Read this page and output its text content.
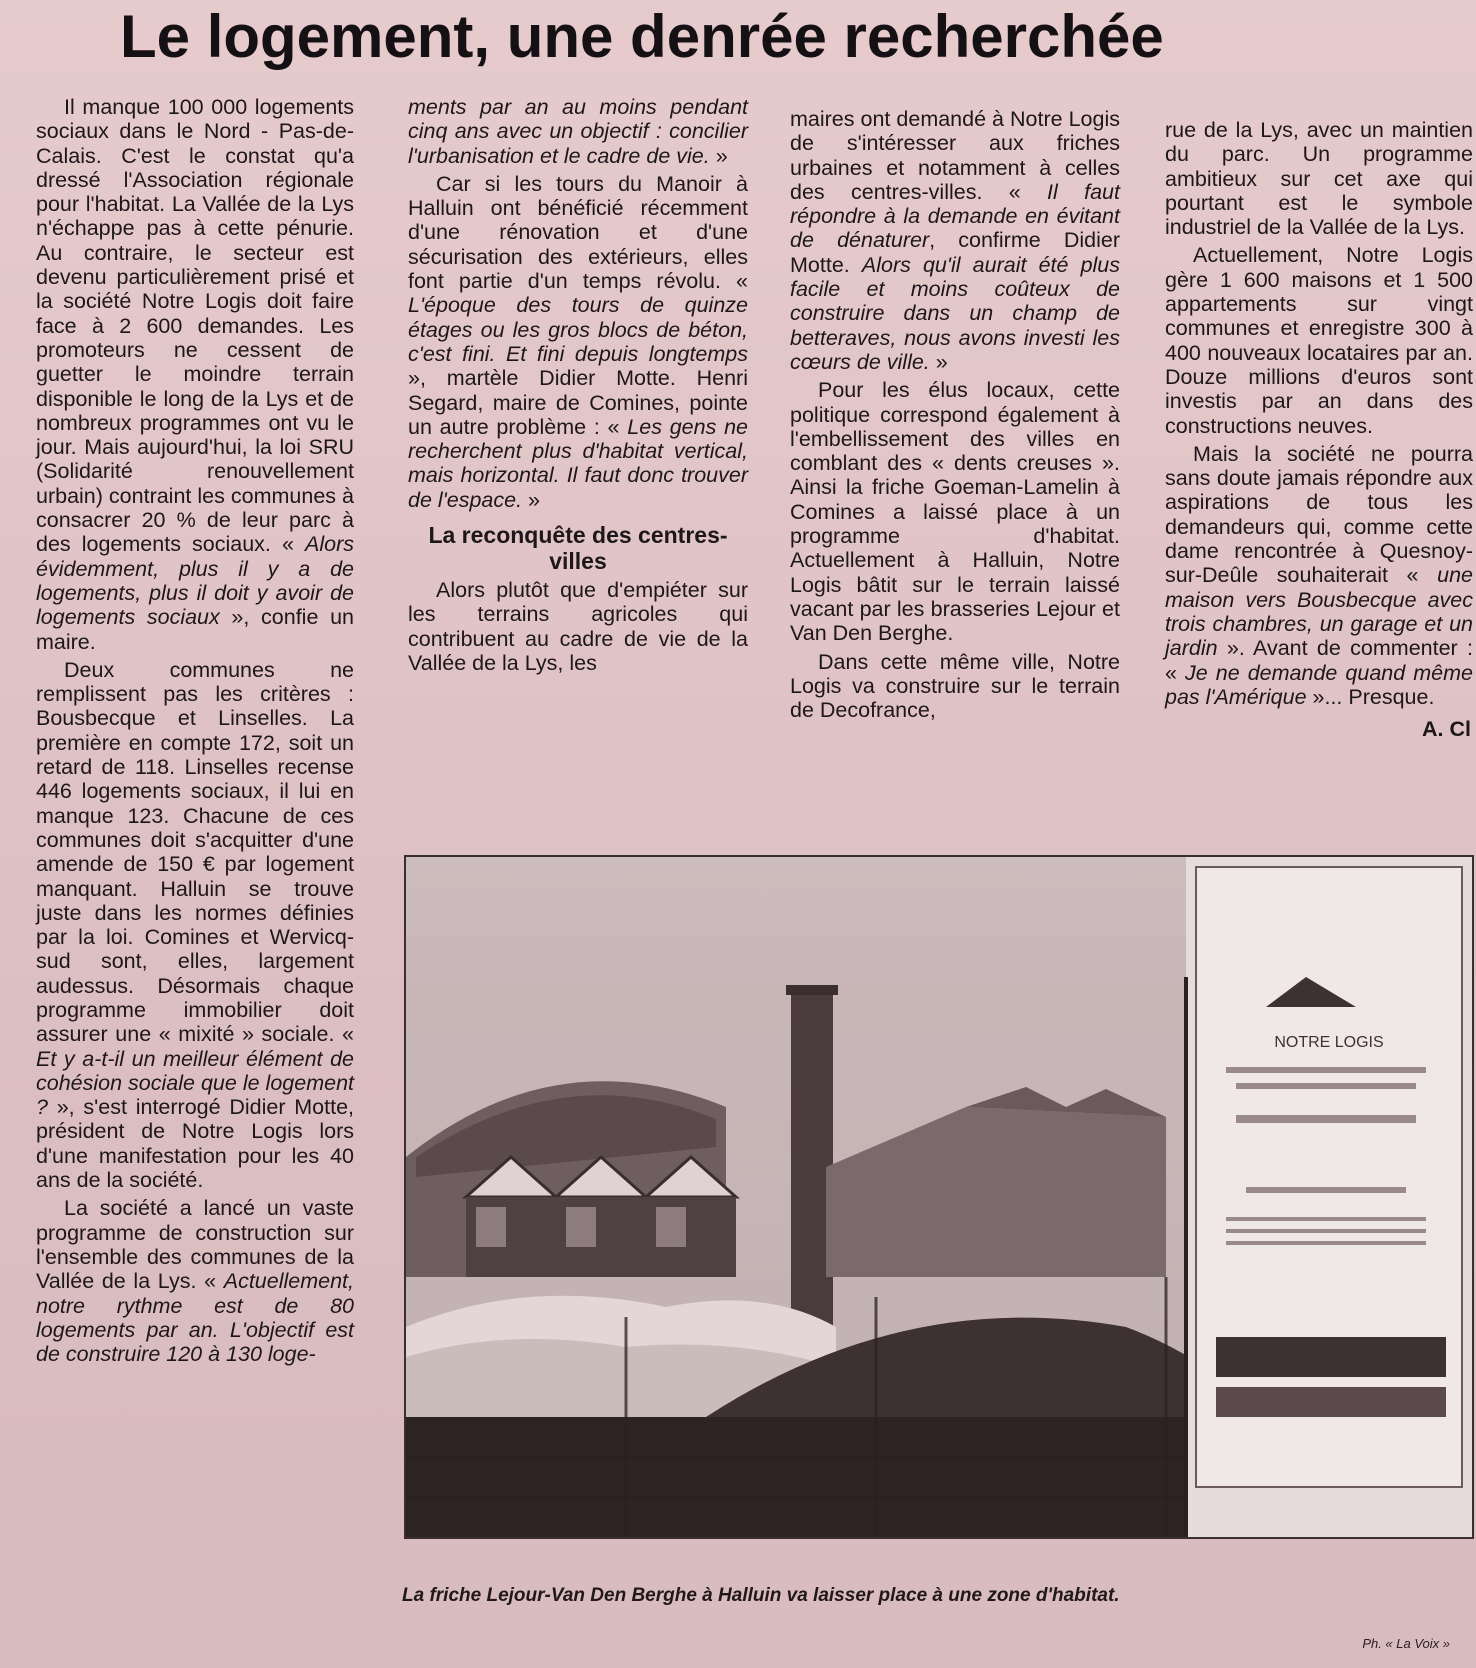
Le logement, une denrée recherchée

Il manque 100 000 logements sociaux dans le Nord - Pas-de-Calais. C'est le constat qu'a dressé l'Association régionale pour l'habitat. La Vallée de la Lys n'échappe pas à cette pénurie. Au contraire, le secteur est devenu particulièrement prisé et la société Notre Logis doit faire face à 2 600 demandes. Les promoteurs ne cessent de guetter le moindre terrain disponible le long de la Lys et de nombreux programmes ont vu le jour. Mais aujourd'hui, la loi SRU (Solidarité renouvellement urbain) contraint les communes à consacrer 20 % de leur parc à des logements sociaux. « Alors évidemment, plus il y a de logements, plus il doit y avoir de logements sociaux », confie un maire.

Deux communes ne remplissent pas les critères : Bousbecque et Linselles. La première en compte 172, soit un retard de 118. Linselles recense 446 logements sociaux, il lui en manque 123. Chacune de ces communes doit s'acquitter d'une amende de 150 € par logement manquant. Halluin se trouve juste dans les normes définies par la loi. Comines et Wervicq-sud sont, elles, largement audessus. Désormais chaque programme immobilier doit assurer une « mixité » sociale. « Et y a-t-il un meilleur élément de cohésion sociale que le logement ? », s'est interrogé Didier Motte, président de Notre Logis lors d'une manifestation pour les 40 ans de la société.

La société a lancé un vaste programme de construction sur l'ensemble des communes de la Vallée de la Lys. « Actuellement, notre rythme est de 80 logements par an. L'objectif est de construire 120 à 130 loge-

ments par an au moins pendant cinq ans avec un objectif : concilier l'urbanisation et le cadre de vie. »

Car si les tours du Manoir à Halluin ont bénéficié récemment d'une rénovation et d'une sécurisation des extérieurs, elles font partie d'un temps révolu. « L'époque des tours de quinze étages ou les gros blocs de béton, c'est fini. Et fini depuis longtemps », martèle Didier Motte. Henri Segard, maire de Comines, pointe un autre problème : « Les gens ne recherchent plus d'habitat vertical, mais horizontal. Il faut donc trouver de l'espace. »

La reconquête des centres-villes

Alors plutôt que d'empiéter sur les terrains agricoles qui contribuent au cadre de vie de la Vallée de la Lys, les

maires ont demandé à Notre Logis de s'intéresser aux friches urbaines et notamment à celles des centres-villes. « Il faut répondre à la demande en évitant de dénaturer, confirme Didier Motte. Alors qu'il aurait été plus facile et moins coûteux de construire dans un champ de betteraves, nous avons investi les cœurs de ville. »

Pour les élus locaux, cette politique correspond également à l'embellissement des villes en comblant des « dents creuses ». Ainsi la friche Goeman-Lamelin à Comines a laissé place à un programme d'habitat. Actuellement à Halluin, Notre Logis bâtit sur le terrain laissé vacant par les brasseries Lejour et Van Den Berghe.

Dans cette même ville, Notre Logis va construire sur le terrain de Decofrance,

rue de la Lys, avec un maintien du parc. Un programme ambitieux sur cet axe qui pourtant est le symbole industriel de la Vallée de la Lys.

Actuellement, Notre Logis gère 1 600 maisons et 1 500 appartements sur vingt communes et enregistre 300 à 400 nouveaux locataires par an. Douze millions d'euros sont investis par an dans des constructions neuves.

Mais la société ne pourra sans doute jamais répondre aux aspirations de tous les demandeurs qui, comme cette dame rencontrée à Quesnoy-sur-Deûle souhaiterait « une maison vers Bousbecque avec trois chambres, un garage et un jardin ». Avant de commenter : « Je ne demande quand même pas l'Amérique »... Presque.

A. Cl
NOTRE LOGIS
La friche Lejour-Van Den Berghe à Halluin va laisser place à une zone d'habitat.
Ph. « La Voix »
